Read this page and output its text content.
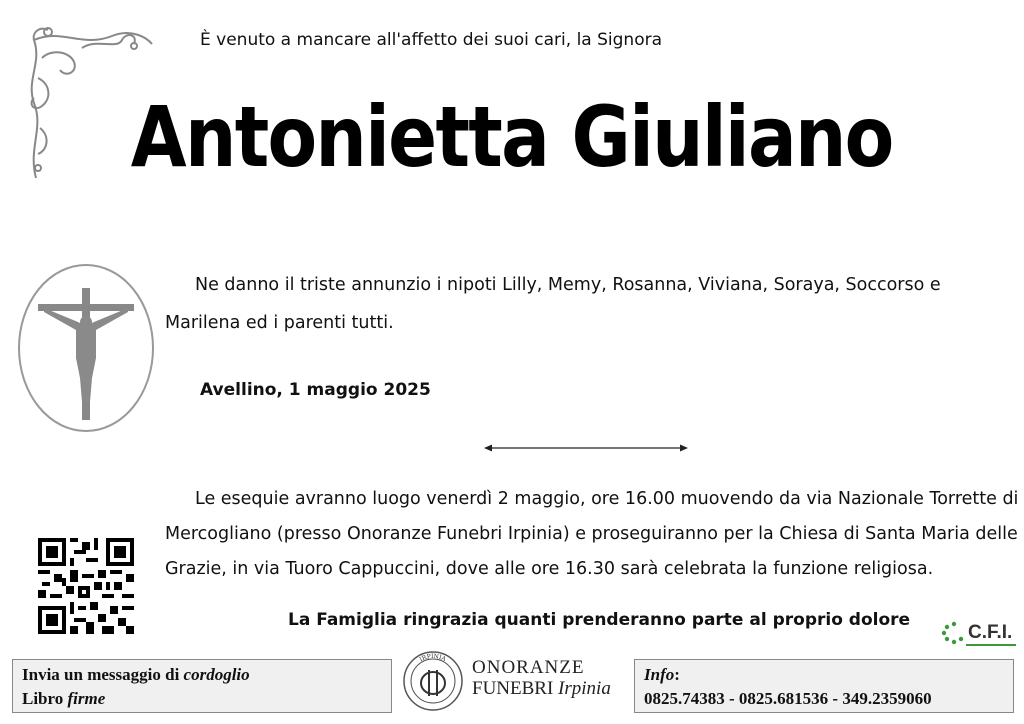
È venuto a mancare all'affetto dei suoi cari, la Signora
Antonietta Giuliano
Ne danno il triste annunzio i nipoti Lilly, Memy, Rosanna, Viviana, Soraya, Soccorso e Marilena ed i parenti tutti.
Avellino, 1 maggio 2025
Le esequie avranno luogo venerdì 2 maggio, ore 16.00 muovendo da via Nazionale Torrette di Mercogliano (presso Onoranze Funebri Irpinia) e proseguiranno per la Chiesa di Santa Maria delle Grazie, in via Tuoro Cappuccini, dove alle ore 16.30 sarà celebrata la funzione religiosa.
La Famiglia ringrazia quanti prenderanno parte al proprio dolore
C.F.I.
Invia un messaggio di cordoglio
Libro firme
IRPINIA ONORANZE
FUNEBRI Irpinia
Info:
0825.74383 - 0825.681536 - 349.2359060
